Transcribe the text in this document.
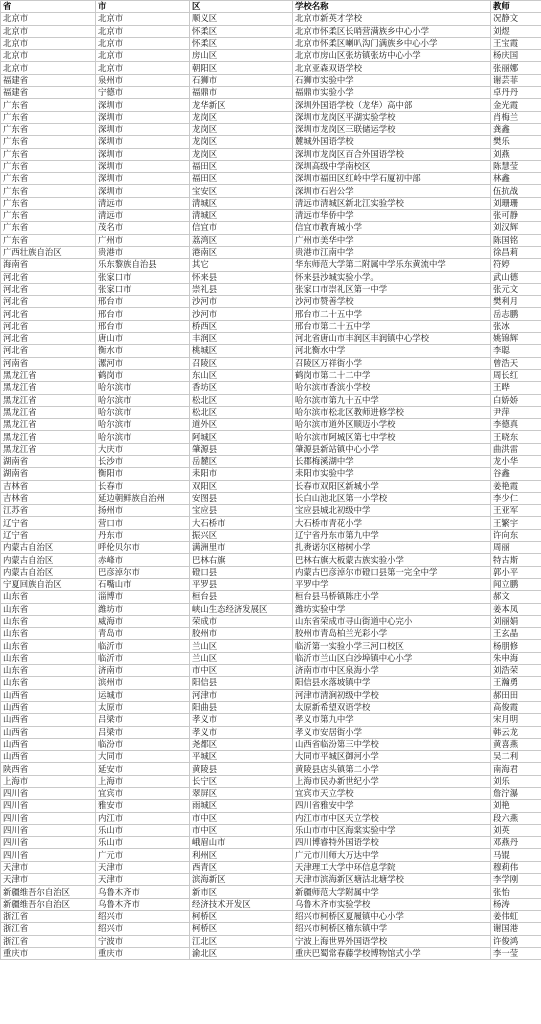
省	市	区	学校名称	教师
北京市	北京市	顺义区	北京市新英才学校	况静文
北京市	北京市	怀柔区	北京市怀柔区长哨营满族乡中心小学	刘煜
北京市	北京市	怀柔区	北京市怀柔区喇叭沟门满族乡中心小学	王宝霞
北京市	北京市	房山区	北京市房山区张坊镇张坊中心小学	杨庆国
北京市	北京市	朝阳区	北京亚森双语学校	张丽娜
福建省	泉州市	石狮市	石狮市实验中学	谢芸菲
福建省	宁德市	福鼎市	福鼎市实验小学	卓丹丹
广东省	深圳市	龙华新区	深圳外国语学校（龙华）高中部	金光霞
广东省	深圳市	龙岗区	深圳市龙岗区平湖实验学校	肖梅兰
广东省	深圳市	龙岗区	深圳市龙岗区三联储运学校	龚鑫
广东省	深圳市	龙岗区	麓城外国语学校	樊乐
广东省	深圳市	龙岗区	深圳市龙岗区百合外国语学校	刘燕
广东省	深圳市	福田区	深圳高级中学南校区	陈慧莹
广东省	深圳市	福田区	深圳市福田区红岭中学石厦初中部	林鑫
广东省	深圳市	宝安区	深圳市石岩公学	伍抗战
广东省	清远市	清城区	清远市清城区新北江实验学校	刘珊珊
广东省	清远市	清城区	清远市华侨中学	张可静
广东省	茂名市	信宜市	信宜市教育城小学	刘汉辉
广东省	广州市	荔湾区	广州市美华中学	陈国铭
广西壮族自治区	贵港市	港南区	贵港市江南中学	徐昌莉
海南省	乐东黎族自治县	其它	华东师范大学第二附属中学乐东黄流中学	符婷
河北省	张家口市	怀来县	怀来县沙城实验小学。	武山德
河北省	张家口市	崇礼县	张家口市崇礼区第一中学	张元文
河北省	邢台市	沙河市	沙河市赞善学校	樊利月
河北省	邢台市	沙河市	邢台市二十五中学	岳志鹏
河北省	邢台市	桥西区	邢台市第二十五中学	张冰
河北省	唐山市	丰润区	河北省唐山市丰润区丰润镇中心学校	姚锦辉
河北省	衡水市	桃城区	河北衡水中学	李聪
河南省	漯河市	召陵区	召陵区万祥街小学	曾浩天
黑龙江省	鹤岗市	东山区	鹤岗市第二十二中学	周长红
黑龙江省	哈尔滨市	香坊区	哈尔滨市香滨小学校	王晔
黑龙江省	哈尔滨市	松北区	哈尔滨市第九十五中学	白娇娇
黑龙江省	哈尔滨市	松北区	哈尔滨市松北区教师进修学校	尹萍
黑龙江省	哈尔滨市	道外区	哈尔滨市道外区顺迈小学校	李德真
黑龙江省	哈尔滨市	阿城区	哈尔滨市阿城区第七中学校	王晓东
黑龙江省	大庆市	肇源县	肇源县新站镇中心小学	曲洪雷
湖南省	长沙市	岳麓区	长郡梅溪湖中学	龙小华
湖南省	衡阳市	耒阳市	耒阳市实验中学	谷鑫
吉林省	长春市	双阳区	长春市双阳区新城小学	姜艳霞
吉林省	延边朝鲜族自治州	安图县	长白山池北区第一小学校	李少仁
江苏省	扬州市	宝应县	宝应县城北初级中学	王亚军
辽宁省	营口市	大石桥市	大石桥市青花小学	王繁宇
辽宁省	丹东市	振兴区	辽宁省丹东市第九中学	许向东
内蒙古自治区	呼伦贝尔市	满洲里市	扎赉诺尔区榕树小学	周丽
内蒙古自治区	赤峰市	巴林右旗	巴林右旗大板蒙古族实验小学	特古斯
内蒙古自治区	巴彦淖尔市	磴口县	内蒙古巴彦淖尔市磴口县第一完全中学	郭小平
宁夏回族自治区	石嘴山市	平罗县	平罗中学	闻立鹏
山东省	淄博市	桓台县	桓台县马桥镇陈庄小学	郝文
山东省	潍坊市	峡山生态经济发展区	潍坊实验中学	姜本凤
山东省	威海市	荣成市	山东省荣成市寻山街道中心完小	刘丽娟
山东省	青岛市	胶州市	胶州市青岛柏兰光彩小学	王玄晶
山东省	临沂市	兰山区	临沂第一实验小学三河口校区	杨朋修
山东省	临沂市	兰山区	临沂市兰山区白沙埠镇中心小学	朱申海
山东省	济南市	市中区	济南市市中区泉海小学	刘浩荣
山东省	滨州市	阳信县	阳信县水落坡镇中学	王瀚勇
山西省	运城市	河津市	河津市清涧初级中学校	郝田田
山西省	太原市	阳曲县	太原新希望双语学校	高俊霞
山西省	吕梁市	孝义市	孝义市第九中学	宋月明
山西省	吕梁市	孝义市	孝义市安居街小学	韩云龙
山西省	临汾市	尧都区	山西省临汾第三中学校	黄喜燕
山西省	大同市	平城区	大同市平城区御河小学	吴二利
陕西省	延安市	黄陵县	黄陵县店头镇第二小学	南海君
上海市	上海市	长宁区	上海市民办新世纪小学	刘乐
四川省	宜宾市	翠屏区	宜宾市天立学校	詹泞瀑
四川省	雅安市	雨城区	四川省雅安中学	刘艳
四川省	内江市	市中区	内江市市中区天立学校	段六燕
四川省	乐山市	市中区	乐山市市中区海棠实验中学	刘英
四川省	乐山市	峨眉山市	四川博睿特外国语学校	邓燕丹
四川省	广元市	利州区	广元市川师大万达中学	马锟
天津市	天津市	西青区	天津理工大学中环信息学院	穆莉伟
天津市	天津市	滨海新区	天津市滨海新区塘沽北塘学校	李学刚
新疆维吾尔自治区	乌鲁木齐市	新市区	新疆师范大学附属中学	张怡
新疆维吾尔自治区	乌鲁木齐市	经济技术开发区	乌鲁木齐市实验学校	杨涛
浙江省	绍兴市	柯桥区	绍兴市柯桥区夏履镇中心小学	姜伟虹
浙江省	绍兴市	柯桥区	绍兴市柯桥区稽东镇中学	谢国港
浙江省	宁波市	江北区	宁波上海世界外国语学校	许俊鸿
重庆市	重庆市	渝北区	重庆巴蜀常春藤学校博物馆式小学	李一莹
